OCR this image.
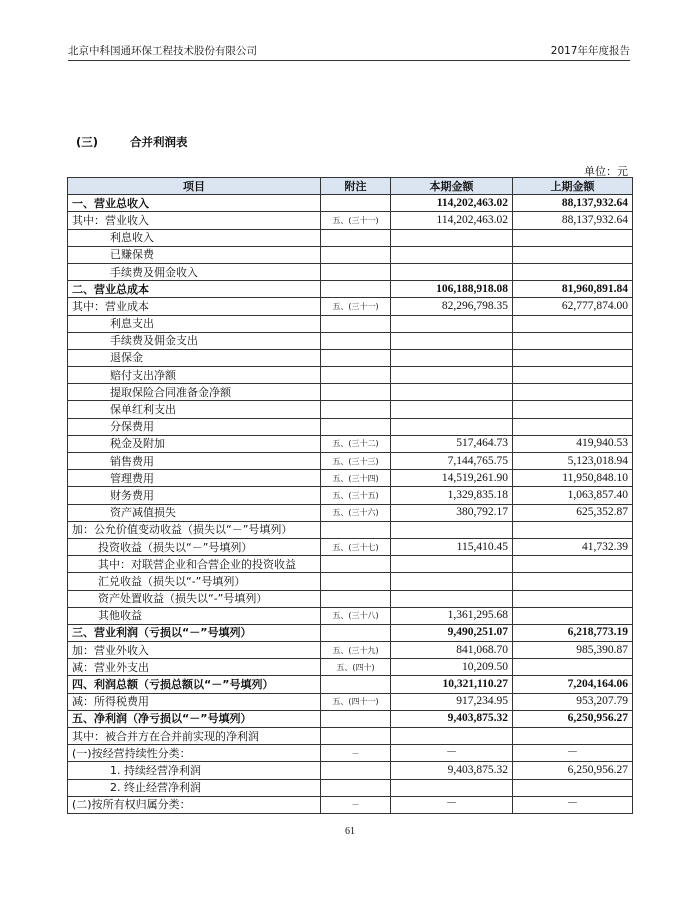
北京中科国通环保工程技术股份有限公司	2017年年度报告
(三)	合并利润表
单位：元
项目	附注	本期金额	上期金额
一、营业总收入		114,202,463.02	88,137,932.64
其中：营业收入	五、(三十一)	114,202,463.02	88,137,932.64
利息收入			
已赚保费			
手续费及佣金收入			
二、营业总成本		106,188,918.08	81,960,891.84
其中：营业成本	五、(三十一)	82,296,798.35	62,777,874.00
利息支出			
手续费及佣金支出			
退保金			
赔付支出净额			
提取保险合同准备金净额			
保单红利支出			
分保费用			
税金及附加	五、(三十二)	517,464.73	419,940.53
销售费用	五、(三十三)	7,144,765.75	5,123,018.94
管理费用	五、(三十四)	14,519,261.90	11,950,848.10
财务费用	五、(三十五)	1,329,835.18	1,063,857.40
资产减值损失	五、(三十六)	380,792.17	625,352.87
加：公允价值变动收益（损失以“－”号填列）			
投资收益（损失以“－”号填列）	五、(三十七)	115,410.45	41,732.39
其中：对联营企业和合营企业的投资收益			
汇兑收益（损失以“-”号填列）			
资产处置收益（损失以“-”号填列）			
其他收益	五、(三十八)	1,361,295.68	
三、营业利润（亏损以“－”号填列）		9,490,251.07	6,218,773.19
加：营业外收入	五、(三十九)	841,068.70	985,390.87
减：营业外支出	五、(四十)	10,209.50	
四、利润总额（亏损总额以“－”号填列）		10,321,110.27	7,204,164.06
减：所得税费用	五、(四十一)	917,234.95	953,207.79
五、净利润（净亏损以“－”号填列）		9,403,875.32	6,250,956.27
其中：被合并方在合并前实现的净利润			
(一)按经营持续性分类：	－	－	－
1. 持续经营净利润		9,403,875.32	6,250,956.27
2. 终止经营净利润			
(二)按所有权归属分类：	－	－	－
61
